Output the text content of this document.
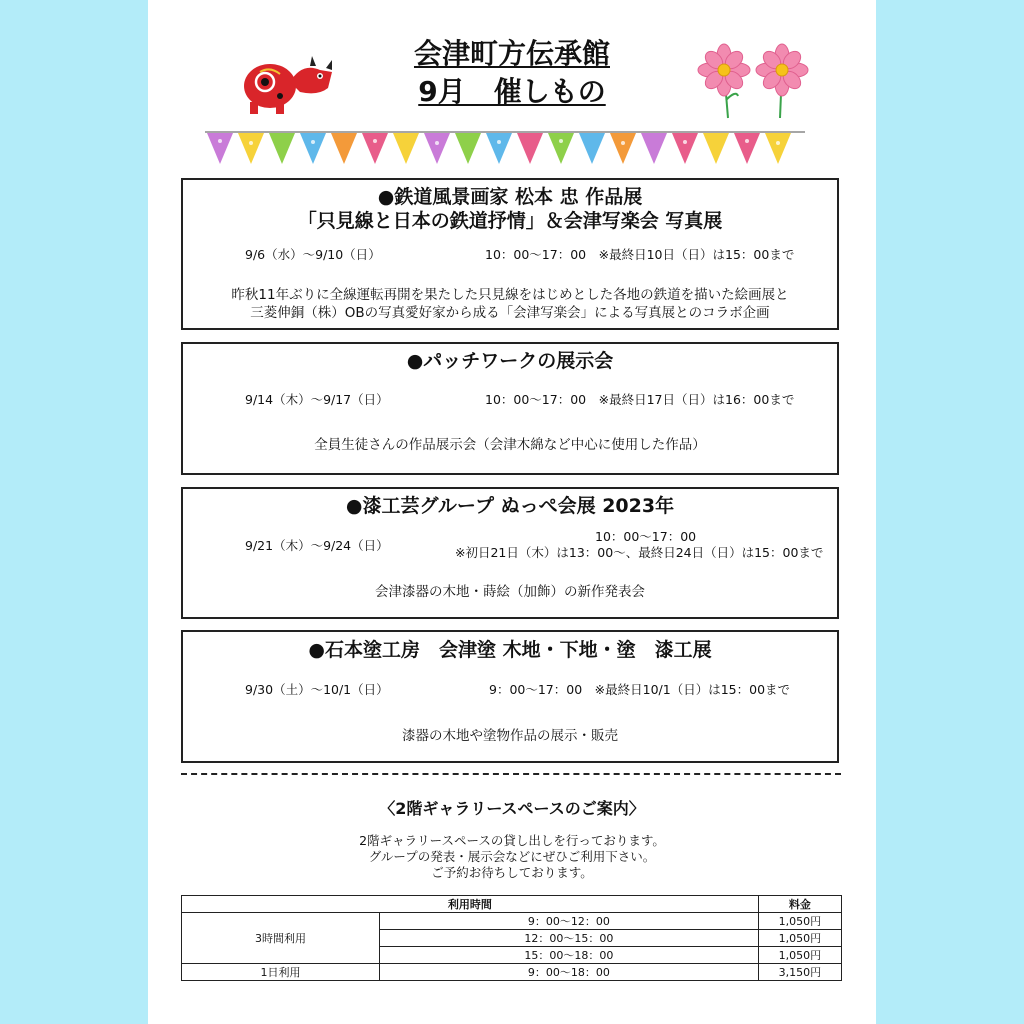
会津町方伝承館
9月　催しもの
●鉄道風景画家 松本 忠 作品展
「只見線と日本の鉄道抒情」＆会津写楽会 写真展
9/6（水）～9/10（日）	10：00～17：00　※最終日10日（日）は15：00まで
昨秋11年ぶりに全線運転再開を果たした只見線をはじめとした各地の鉄道を描いた絵画展と
三菱伸銅（株）OBの写真愛好家から成る「会津写楽会」による写真展とのコラボ企画
●パッチワークの展示会
9/14（木）～9/17（日）	10：00～17：00　※最終日17日（日）は16：00まで
全員生徒さんの作品展示会（会津木綿など中心に使用した作品）
●漆工芸グループ ぬっぺ会展 2023年
9/21（木）～9/24（日）
10：00～17：00
※初日21日（木）は13：00～、最終日24日（日）は15：00まで
会津漆器の木地・蒔絵（加飾）の新作発表会
●石本塗工房　会津塗 木地・下地・塗　漆工展
9/30（土）～10/1（日）	9：00～17：00　※最終日10/1（日）は15：00まで
漆器の木地や塗物作品の展示・販売
〈2階ギャラリースペースのご案内〉
2階ギャラリースペースの貸し出しを行っております。
グループの発表・展示会などにぜひご利用下さい。
ご予約お待ちしております。
利用時間		料金
3時間利用	9：00～12：00	1,050円
	12：00～15：00	1,050円
	15：00～18：00	1,050円
1日利用	9：00～18：00	3,150円
